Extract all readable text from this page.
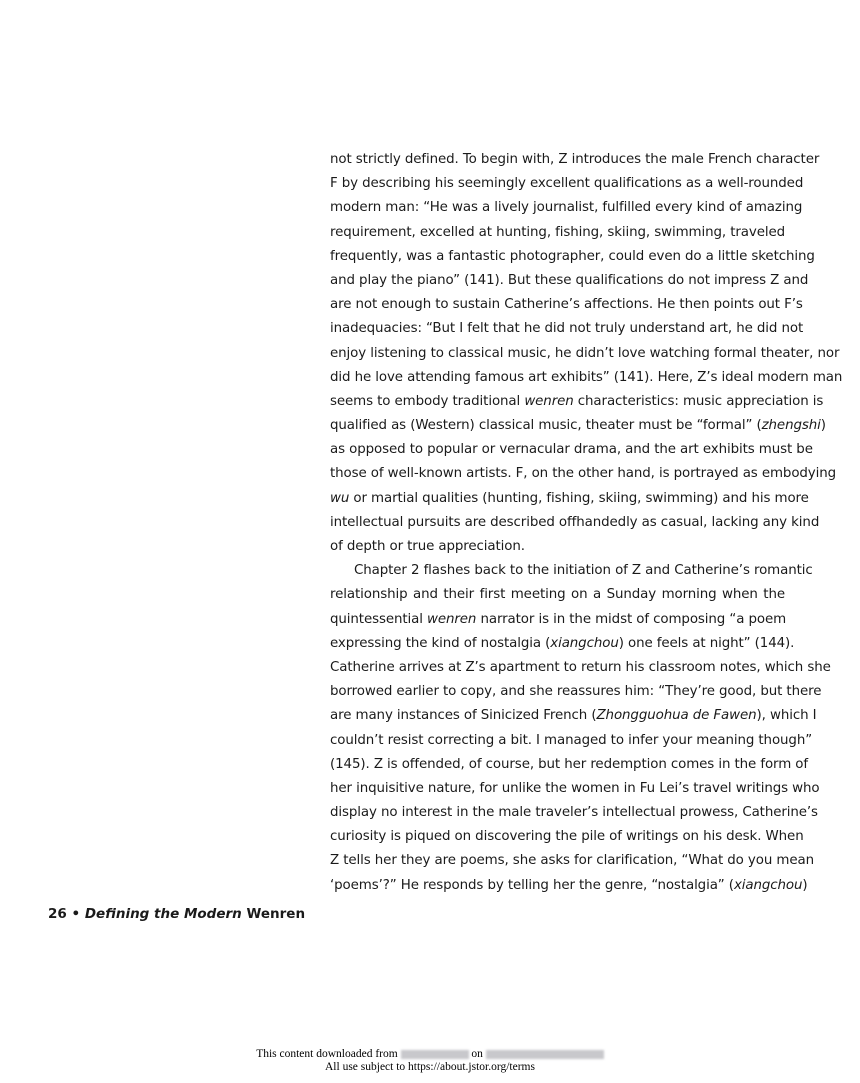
not strictly defined. To begin with, Z introduces the male French character
F by describing his seemingly excellent qualifications as a well-rounded
modern man: “He was a lively journalist, fulfilled every kind of amazing
requirement, excelled at hunting, fishing, skiing, swimming, traveled
frequently, was a fantastic photographer, could even do a little sketching
and play the piano” (141). But these qualifications do not impress Z and
are not enough to sustain Catherine’s affections. He then points out F’s
inadequacies: “But I felt that he did not truly understand art, he did not
enjoy listening to classical music, he didn’t love watching formal theater, nor
did he love attending famous art exhibits” (141). Here, Z’s ideal modern man
seems to embody traditional wenren characteristics: music appreciation is
qualified as (Western) classical music, theater must be “formal” (zhengshi)
as opposed to popular or vernacular drama, and the art exhibits must be
those of well-known artists. F, on the other hand, is portrayed as embodying
wu or martial qualities (hunting, fishing, skiing, swimming) and his more
intellectual pursuits are described offhandedly as casual, lacking any kind
of depth or true appreciation.
Chapter 2 flashes back to the initiation of Z and Catherine’s romantic
relationship and their first meeting on a Sunday morning when the
quintessential wenren narrator is in the midst of composing “a poem
expressing the kind of nostalgia (xiangchou) one feels at night” (144).
Catherine arrives at Z’s apartment to return his classroom notes, which she
borrowed earlier to copy, and she reassures him: “They’re good, but there
are many instances of Sinicized French (Zhongguohua de Fawen), which I
couldn’t resist correcting a bit. I managed to infer your meaning though”
(145). Z is offended, of course, but her redemption comes in the form of
her inquisitive nature, for unlike the women in Fu Lei’s travel writings who
display no interest in the male traveler’s intellectual prowess, Catherine’s
curiosity is piqued on discovering the pile of writings on his desk. When
Z tells her they are poems, she asks for clarification, “What do you mean
‘poems’?” He responds by telling her the genre, “nostalgia” (xiangchou)
26 • Defining the Modern Wenren
This content downloaded from	on
All use subject to https://about.jstor.org/terms
